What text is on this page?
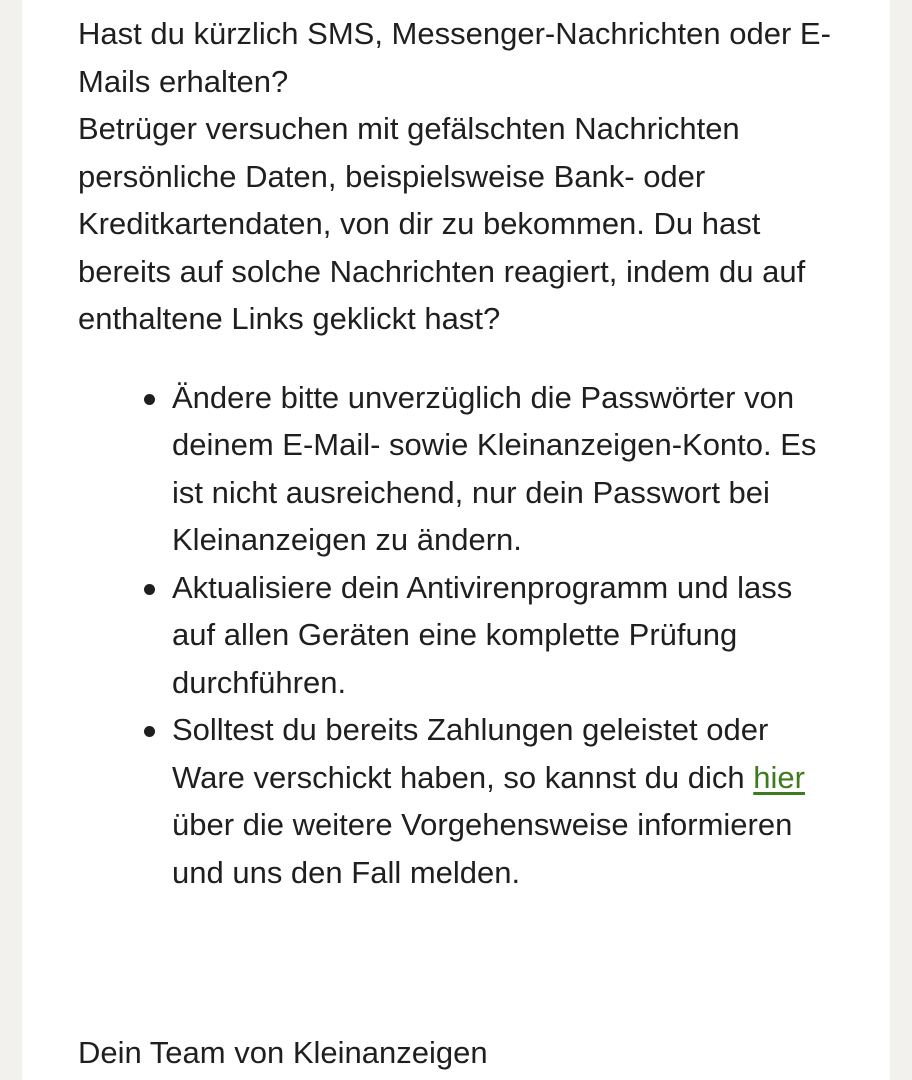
Hast du kürzlich SMS, Messenger-Nachrichten oder E-Mails erhalten?

Betrüger versuchen mit gefälschten Nachrichten persönliche Daten, beispielsweise Bank- oder Kreditkartendaten, von dir zu bekommen. Du hast bereits auf solche Nachrichten reagiert, indem du auf enthaltene Links geklickt hast?

Ändere bitte unverzüglich die Passwörter von deinem E-Mail- sowie Kleinanzeigen-Konto. Es ist nicht ausreichend, nur dein Passwort bei Kleinanzeigen zu ändern.
Aktualisiere dein Antivirenprogramm und lass auf allen Geräten eine komplette Prüfung durchführen.
Solltest du bereits Zahlungen geleistet oder Ware verschickt haben, so kannst du dich hier über die weitere Vorgehensweise informieren und uns den Fall melden.

Dein Team von Kleinanzeigen
